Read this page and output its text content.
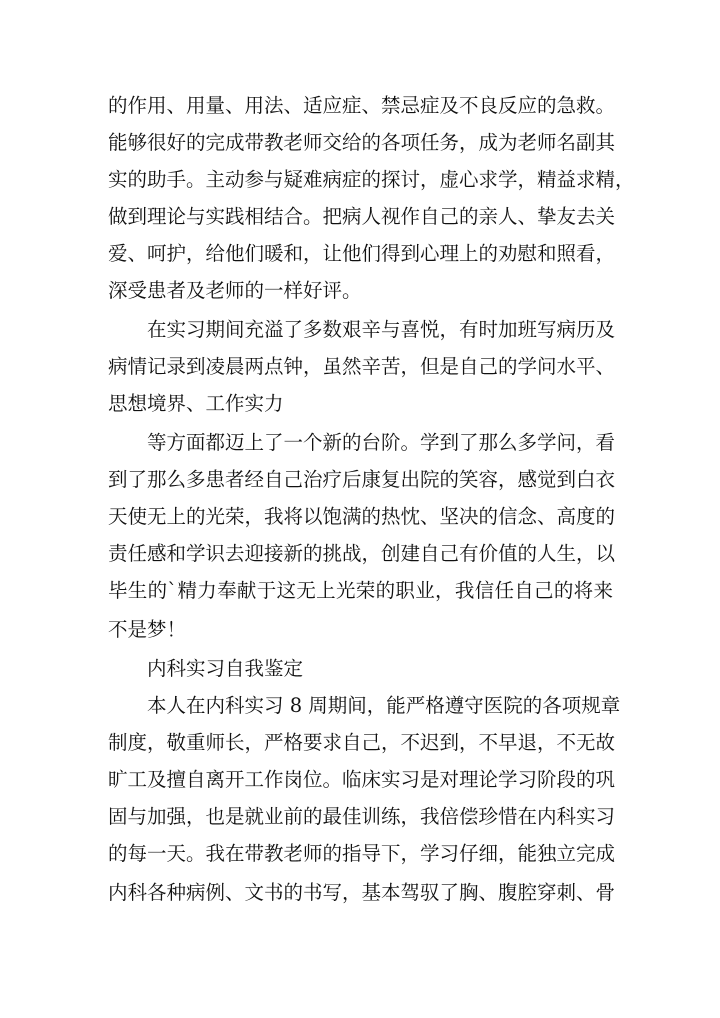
的作用、用量、用法、适应症、禁忌症及不良反应的急救。
能够很好的完成带教老师交给的各项任务，成为老师名副其
实的助手。主动参与疑难病症的探讨，虚心求学，精益求精，
做到理论与实践相结合。把病人视作自己的亲人、挚友去关
爱、呵护，给他们暖和，让他们得到心理上的劝慰和照看，
深受患者及老师的一样好评。
在实习期间充溢了多数艰辛与喜悦，有时加班写病历及
病情记录到凌晨两点钟，虽然辛苦，但是自己的学问水平、
思想境界、工作实力
等方面都迈上了一个新的台阶。学到了那么多学问，看
到了那么多患者经自己治疗后康复出院的笑容，感觉到白衣
天使无上的光荣，我将以饱满的热忱、坚决的信念、高度的
责任感和学识去迎接新的挑战，创建自己有价值的人生，以
毕生的`精力奉献于这无上光荣的职业，我信任自己的将来
不是梦！
内科实习自我鉴定
本人在内科实习 8 周期间，能严格遵守医院的各项规章
制度，敬重师长，严格要求自己，不迟到，不早退，不无故
旷工及擅自离开工作岗位。临床实习是对理论学习阶段的巩
固与加强，也是就业前的最佳训练，我倍偿珍惜在内科实习
的每一天。我在带教老师的指导下，学习仔细，能独立完成
内科各种病例、文书的书写，基本驾驭了胸、腹腔穿刺、骨
